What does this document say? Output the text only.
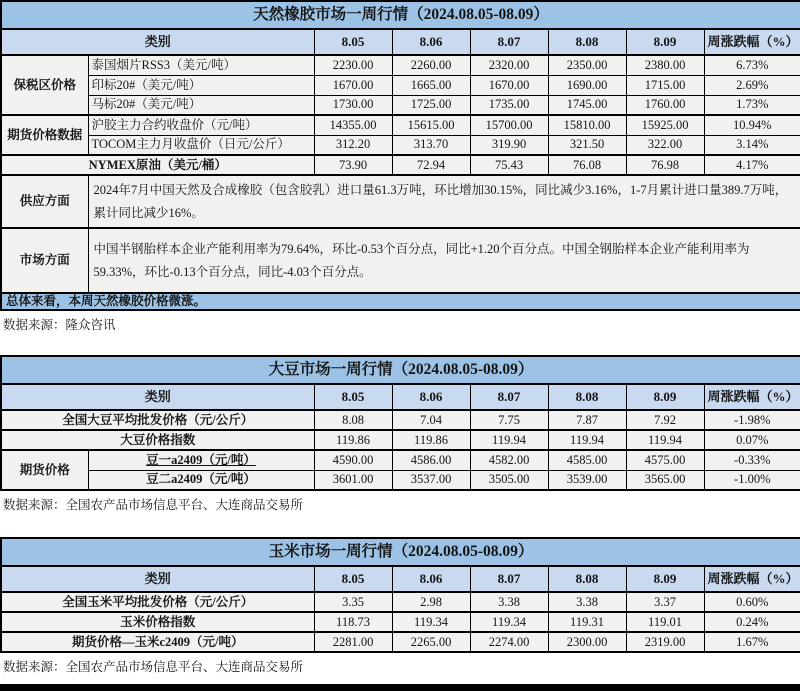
天然橡胶市场一周行情（2024.08.05-08.09）							
类别		8.05	8.06	8.07	8.08	8.09	周涨跌幅（%）
保税区价格	泰国烟片RSS3（美元/吨）	2230.00	2260.00	2320.00	2350.00	2380.00	6.73%
	印标20#（美元/吨）	1670.00	1665.00	1670.00	1690.00	1715.00	2.69%
	马标20#（美元/吨）	1730.00	1725.00	1735.00	1745.00	1760.00	1.73%
期货价格数据	沪胶主力合约收盘价（元/吨）	14355.00	15615.00	15700.00	15810.00	15925.00	10.94%
	TOCOM主力月收盘价（日元/公斤）	312.20	313.70	319.90	321.50	322.00	3.14%
NYMEX原油（美元/桶）		73.90	72.94	75.43	76.08	76.98	4.17%
供应方面	2024年7月中国天然及合成橡胶（包含胶乳）进口量61.3万吨，环比增加30.15%，同比减少3.16%，1-7月累计进口量389.7万吨，累计同比减少16%。						
市场方面	中国半钢胎样本企业产能利用率为79.64%，环比-0.53个百分点，同比+1.20个百分点。中国全钢胎样本企业产能利用率为59.33%，环比-0.13个百分点，同比-4.03个百分点。						
总体来看，本周天然橡胶价格微涨。							
数据来源：隆众咨讯
大豆市场一周行情（2024.08.05-08.09）							
类别		8.05	8.06	8.07	8.08	8.09	周涨跌幅（%）
全国大豆平均批发价格（元/公斤）		8.08	7.04	7.75	7.87	7.92	-1.98%
大豆价格指数		119.86	119.86	119.94	119.94	119.94	0.07%
期货价格	豆一a2409（元/吨）	4590.00	4586.00	4582.00	4585.00	4575.00	-0.33%
	豆二a2409（元/吨）	3601.00	3537.00	3505.00	3539.00	3565.00	-1.00%
数据来源：全国农产品市场信息平台、大连商品交易所
玉米市场一周行情（2024.08.05-08.09）						
类别	8.05	8.06	8.07	8.08	8.09	周涨跌幅（%）
全国玉米平均批发价格（元/公斤）	3.35	2.98	3.38	3.38	3.37	0.60%
玉米价格指数	118.73	119.34	119.34	119.31	119.01	0.24%
期货价格—玉米c2409（元/吨）	2281.00	2265.00	2274.00	2300.00	2319.00	1.67%
数据来源：全国农产品市场信息平台、大连商品交易所
